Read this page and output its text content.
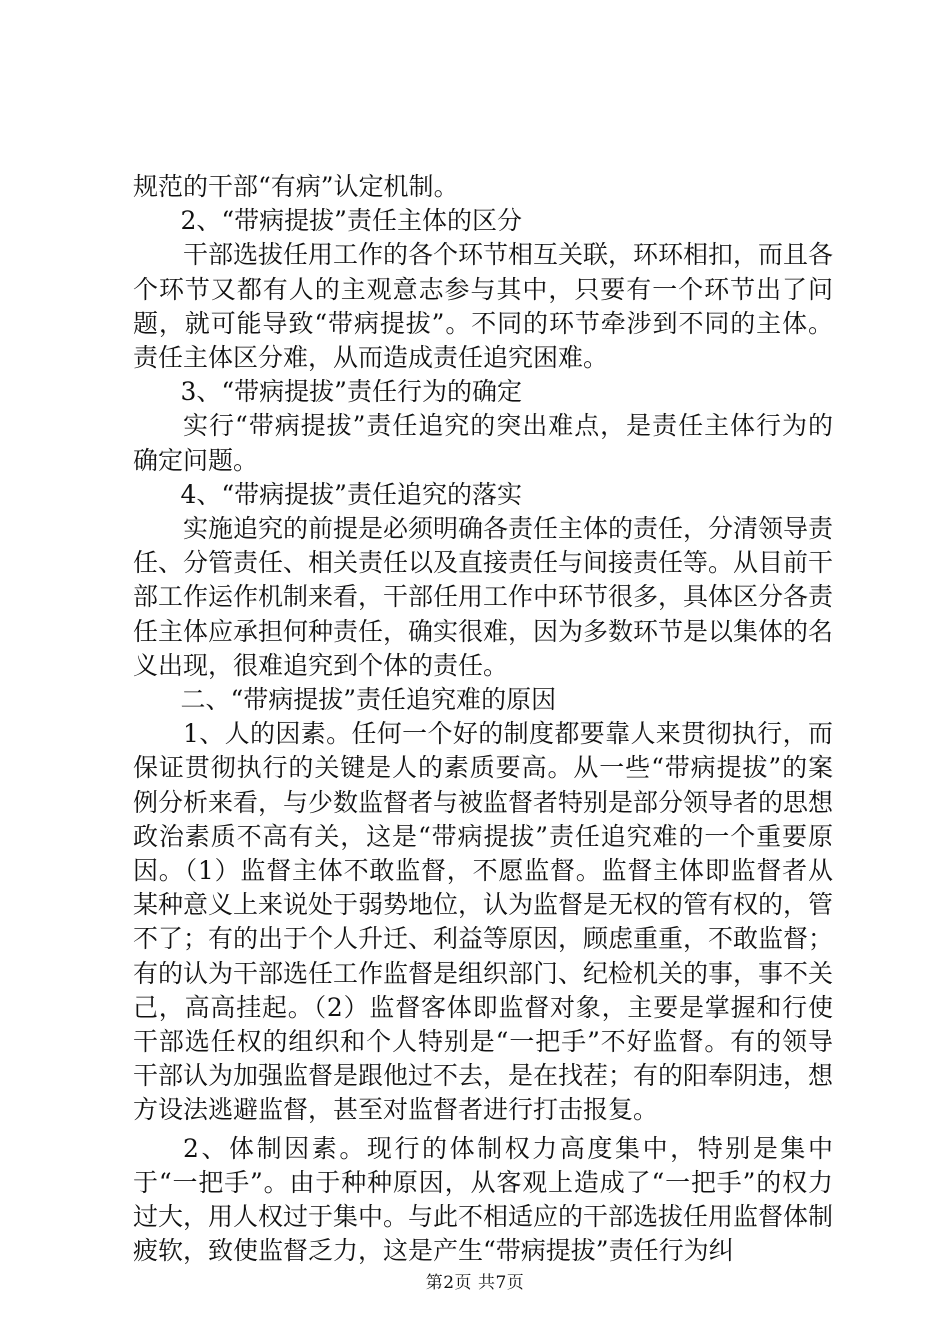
规范的干部“有病”认定机制。

2、“带病提拔”责任主体的区分

干部选拔任用工作的各个环节相互关联，环环相扣，而且各个环节又都有人的主观意志参与其中，只要有一个环节出了问题，就可能导致“带病提拔”。不同的环节牵涉到不同的主体。责任主体区分难，从而造成责任追究困难。

3、“带病提拔”责任行为的确定

实行“带病提拔”责任追究的突出难点，是责任主体行为的确定问题。

4、“带病提拔”责任追究的落实

实施追究的前提是必须明确各责任主体的责任，分清领导责任、分管责任、相关责任以及直接责任与间接责任等。从目前干部工作运作机制来看，干部任用工作中环节很多，具体区分各责任主体应承担何种责任，确实很难，因为多数环节是以集体的名义出现，很难追究到个体的责任。

二、“带病提拔”责任追究难的原因

1、人的因素。任何一个好的制度都要靠人来贯彻执行，而保证贯彻执行的关键是人的素质要高。从一些“带病提拔”的案例分析来看，与少数监督者与被监督者特别是部分领导者的思想政治素质不高有关，这是“带病提拔”责任追究难的一个重要原因。（1）监督主体不敢监督，不愿监督。监督主体即监督者从某种意义上来说处于弱势地位，认为监督是无权的管有权的，管不了；有的出于个人升迁、利益等原因，顾虑重重，不敢监督；有的认为干部选任工作监督是组织部门、纪检机关的事，事不关己，高高挂起。（2）监督客体即监督对象，主要是掌握和行使干部选任权的组织和个人特别是“一把手”不好监督。有的领导干部认为加强监督是跟他过不去，是在找茬；有的阳奉阴违，想方设法逃避监督，甚至对监督者进行打击报复。

2、体制因素。现行的体制权力高度集中，特别是集中于“一把手”。由于种种原因，从客观上造成了“一把手”的权力过大，用人权过于集中。与此不相适应的干部选拔任用监督体制疲软，致使监督乏力，这是产生“带病提拔”责任行为纠

第2页 共7页
